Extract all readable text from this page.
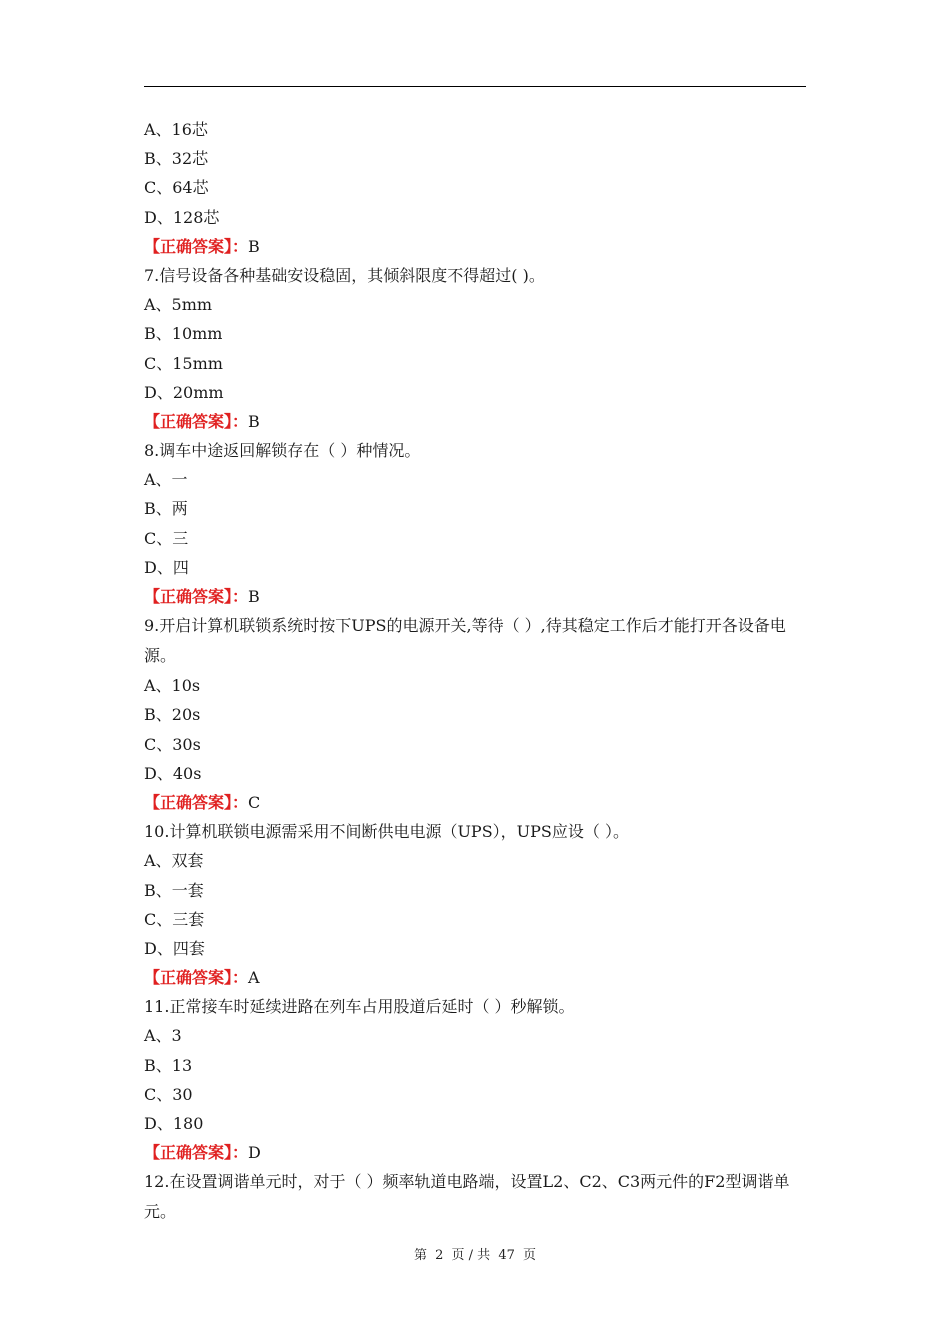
A、16芯
B、32芯
C、64芯
D、128芯
【正确答案】：B
7.信号设备各种基础安设稳固，其倾斜限度不得超过( )。
A、5mm
B、10mm
C、15mm
D、20mm
【正确答案】：B
8.调车中途返回解锁存在（ ）种情况。
A、一
B、两
C、三
D、四
【正确答案】：B
9.开启计算机联锁系统时按下UPS的电源开关,等待（ ）,待其稳定工作后才能打开各设备电源。
A、10s
B、20s
C、30s
D、40s
【正确答案】：C
10.计算机联锁电源需采用不间断供电电源（UPS），UPS应设（ ）。
A、双套
B、一套
C、三套
D、四套
【正确答案】：A
11.正常接车时延续进路在列车占用股道后延时（ ）秒解锁。
A、3
B、13
C、30
D、180
【正确答案】：D
12.在设置调谐单元时，对于（ ）频率轨道电路端，设置L2、C2、C3两元件的F2型调谐单元。
第 2 页 / 共 47 页
